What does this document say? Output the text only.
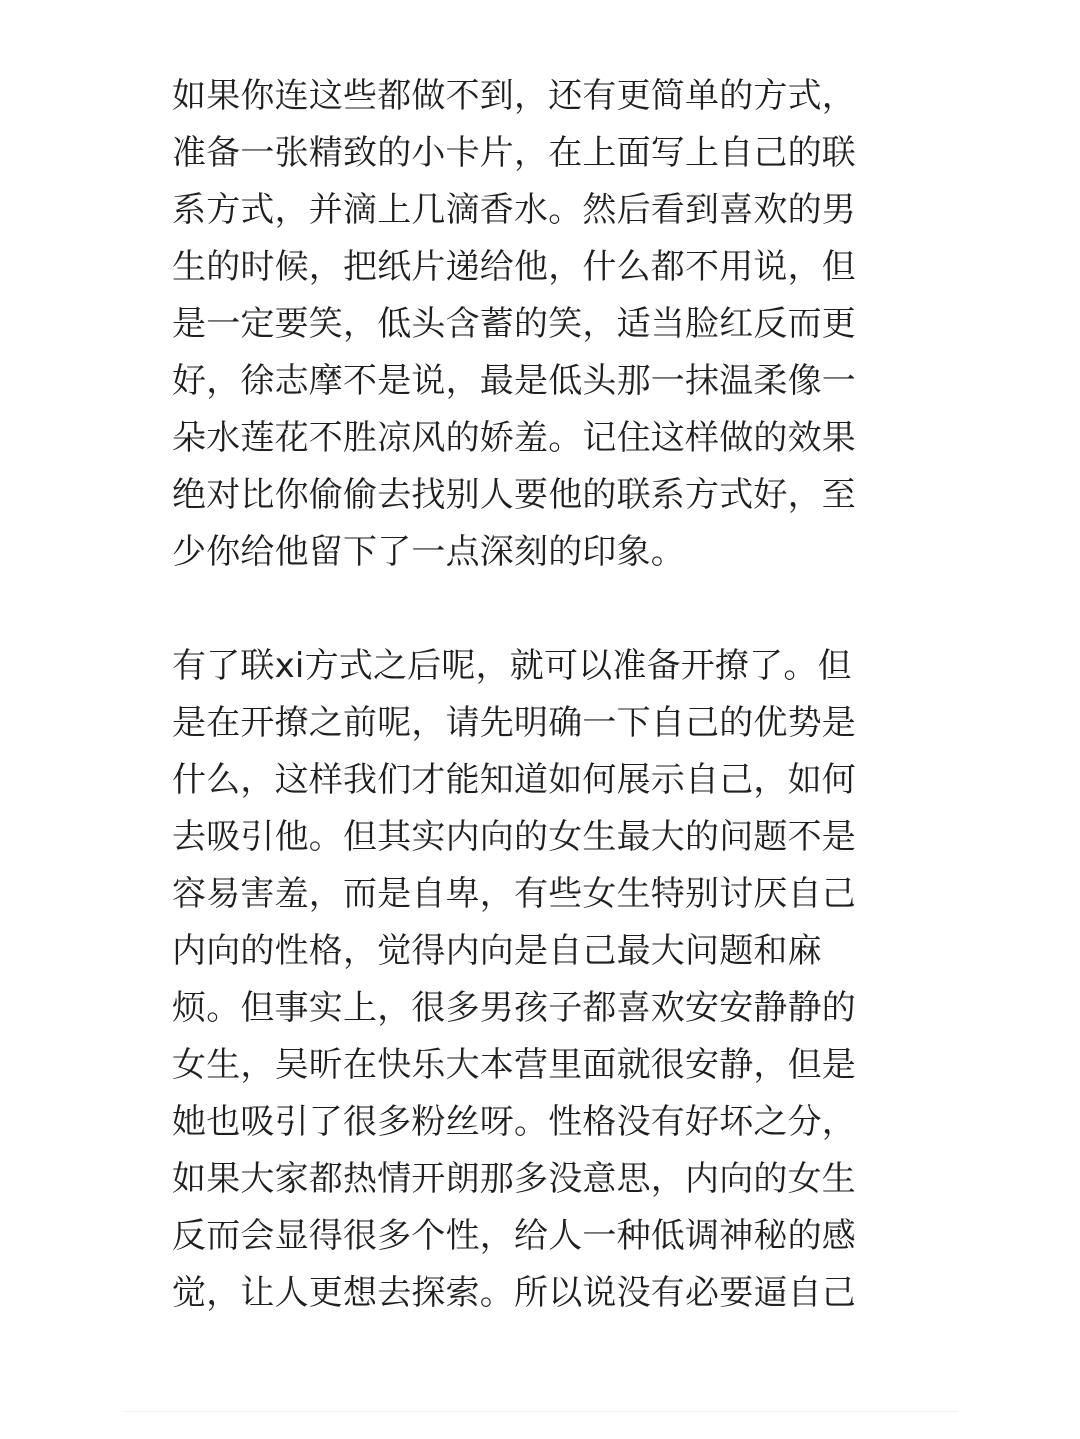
如果你连这些都做不到，还有更简单的方式，
准备一张精致的小卡片，在上面写上自己的联
系方式，并滴上几滴香水。然后看到喜欢的男
生的时候，把纸片递给他，什么都不用说，但
是一定要笑，低头含蓄的笑，适当脸红反而更
好，徐志摩不是说，最是低头那一抹温柔像一
朵水莲花不胜凉风的娇羞。记住这样做的效果
绝对比你偷偷去找别人要他的联系方式好，至
少你给他留下了一点深刻的印象。
有了联xi方式之后呢，就可以准备开撩了。但
是在开撩之前呢，请先明确一下自己的优势是
什么，这样我们才能知道如何展示自己，如何
去吸引他。但其实内向的女生最大的问题不是
容易害羞，而是自卑，有些女生特别讨厌自己
内向的性格，觉得内向是自己最大问题和麻
烦。但事实上，很多男孩子都喜欢安安静静的
女生，吴昕在快乐大本营里面就很安静，但是
她也吸引了很多粉丝呀。性格没有好坏之分，
如果大家都热情开朗那多没意思，内向的女生
反而会显得很多个性，给人一种低调神秘的感
觉，让人更想去探索。所以说没有必要逼自己
